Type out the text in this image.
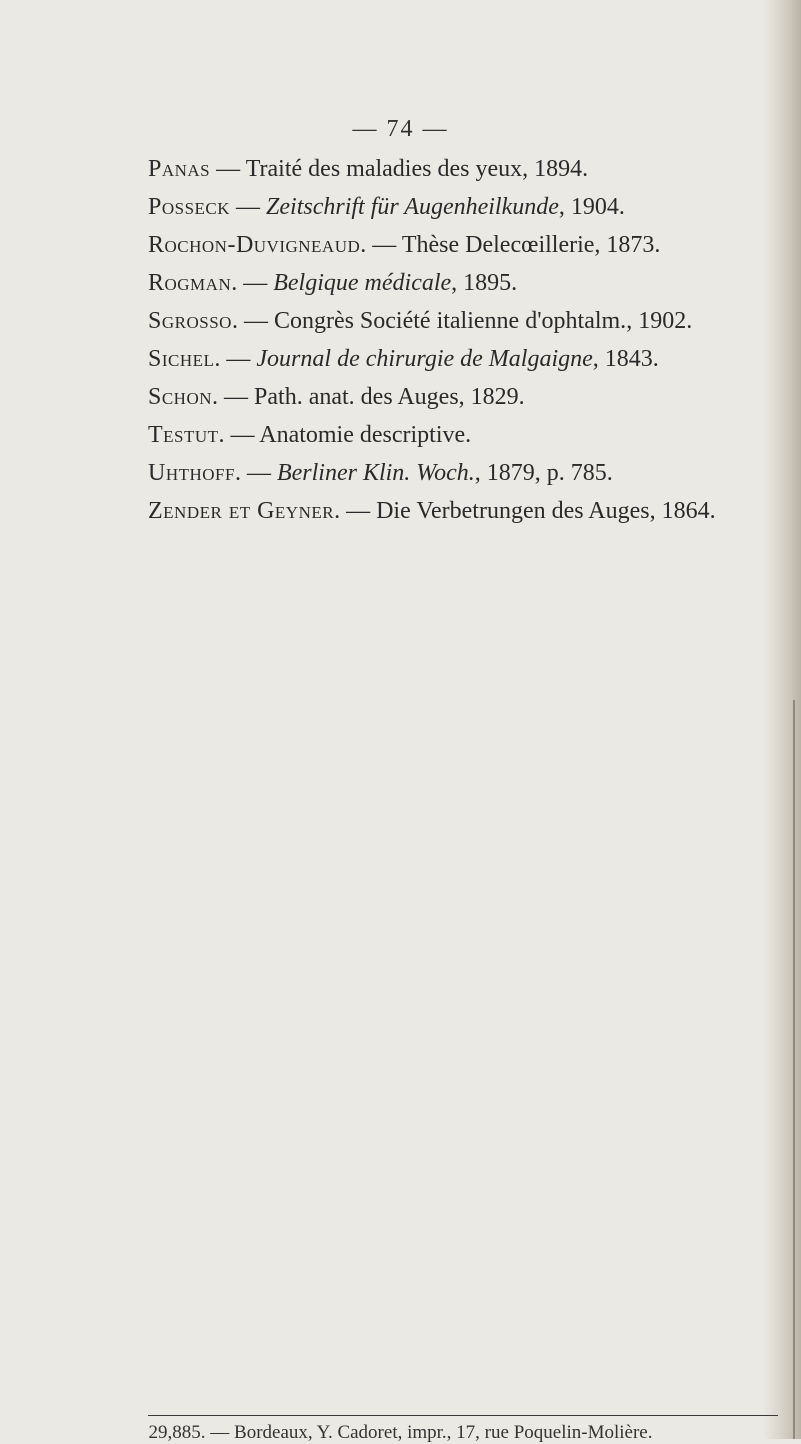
— 74 —
Panas — Traité des maladies des yeux, 1894.
Posseck — Zeitschrift für Augenheilkunde, 1904.
Rochon-Duvigneaud. — Thèse Delecœillerie, 1873.
Rogman. — Belgique médicale, 1895.
Sgrosso. — Congrès Société italienne d'ophtalm., 1902.
Sichel. — Journal de chirurgie de Malgaigne, 1843.
Schon. — Path. anat. des Auges, 1829.
Testut. — Anatomie descriptive.
Uhthoff. — Berliner Klin. Woch., 1879, p. 785.
Zender et Geyner. — Die Verbetrungen des Auges, 1864.
29,885. — Bordeaux, Y. Cadoret, impr., 17, rue Poquelin-Molière.
